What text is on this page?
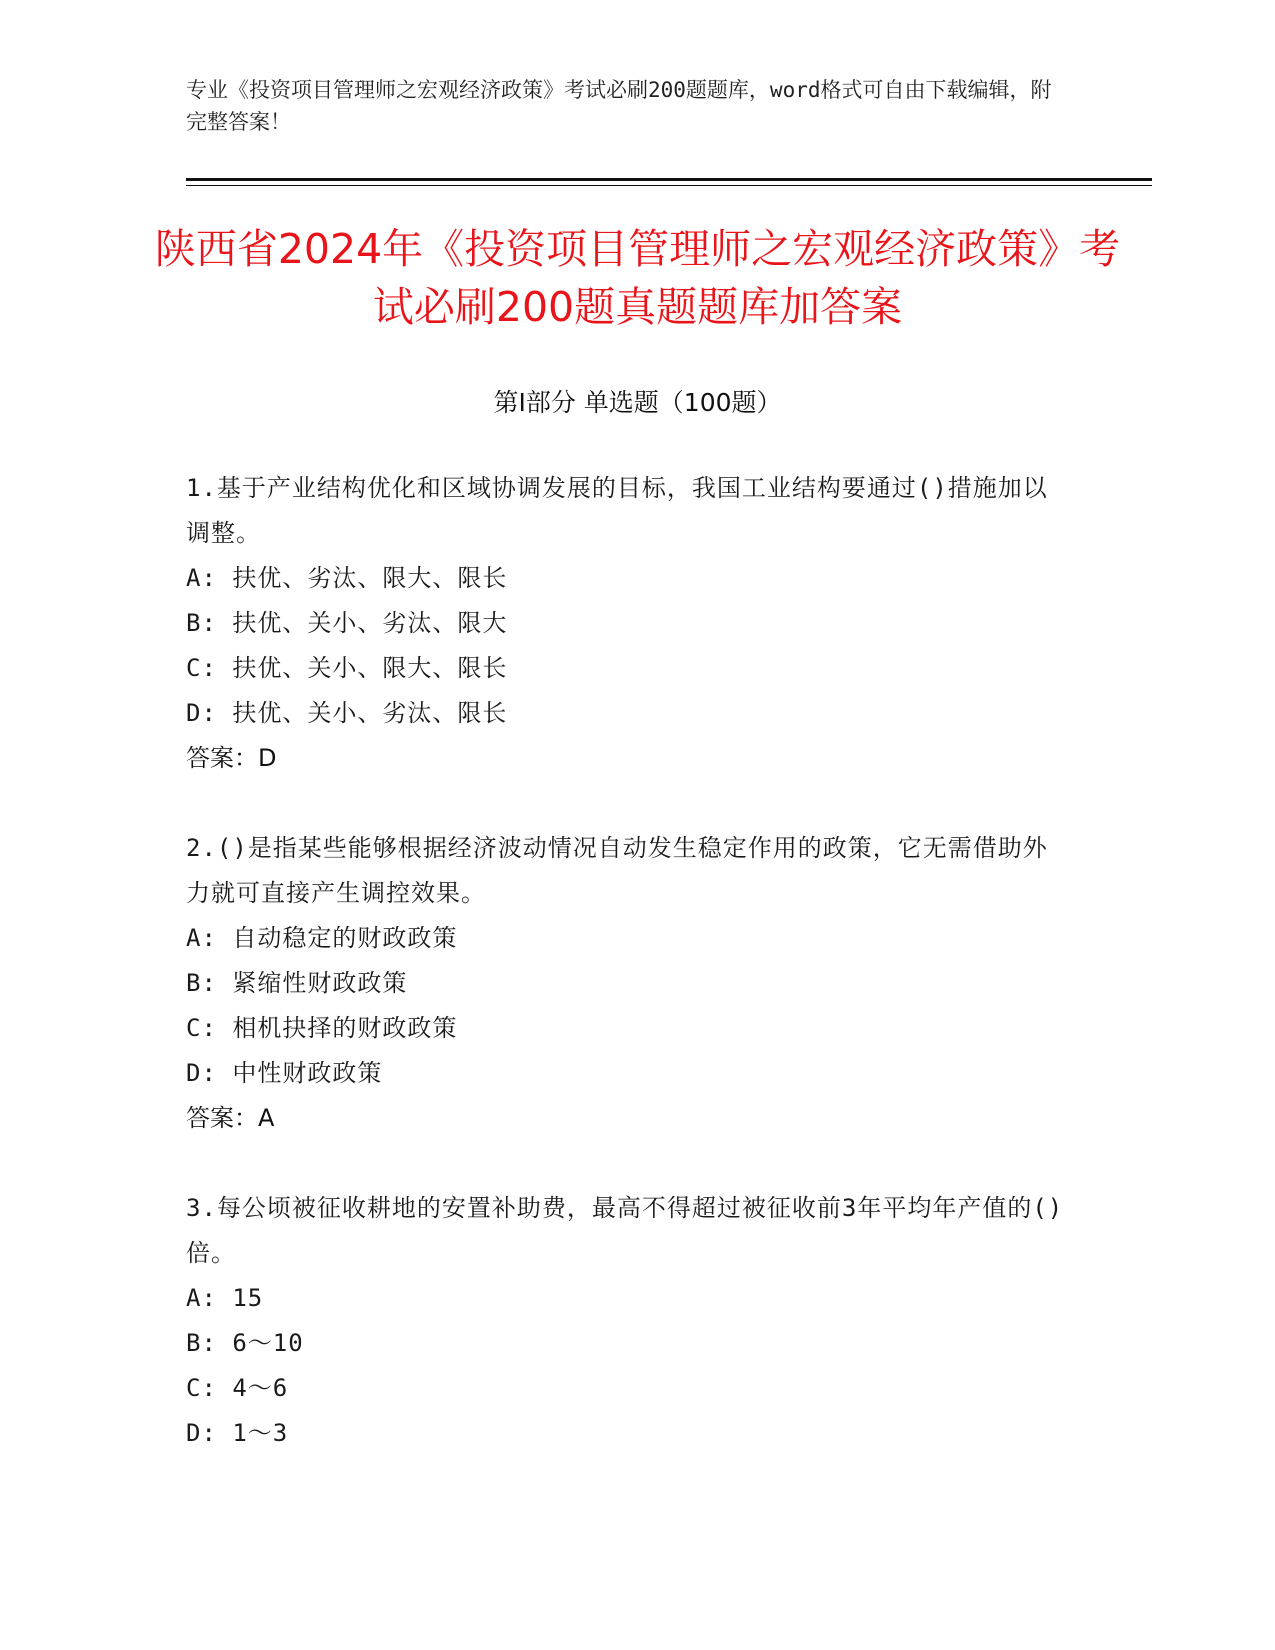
专业《投资项目管理师之宏观经济政策》考试必刷200题题库，word格式可自由下载编辑，附完整答案！
陕西省2024年《投资项目管理师之宏观经济政策》考试必刷200题真题题库加答案
第Ⅰ部分 单选题（100题）
1.基于产业结构优化和区域协调发展的目标，我国工业结构要通过()措施加以调整。
A: 扶优、劣汰、限大、限长
B: 扶优、关小、劣汰、限大
C: 扶优、关小、限大、限长
D: 扶优、关小、劣汰、限长
答案：D
2.()是指某些能够根据经济波动情况自动发生稳定作用的政策，它无需借助外力就可直接产生调控效果。
A: 自动稳定的财政政策
B: 紧缩性财政政策
C: 相机抉择的财政政策
D: 中性财政政策
答案：A
3.每公顷被征收耕地的安置补助费，最高不得超过被征收前3年平均年产值的()倍。
A: 15
B: 6～10
C: 4～6
D: 1～3
